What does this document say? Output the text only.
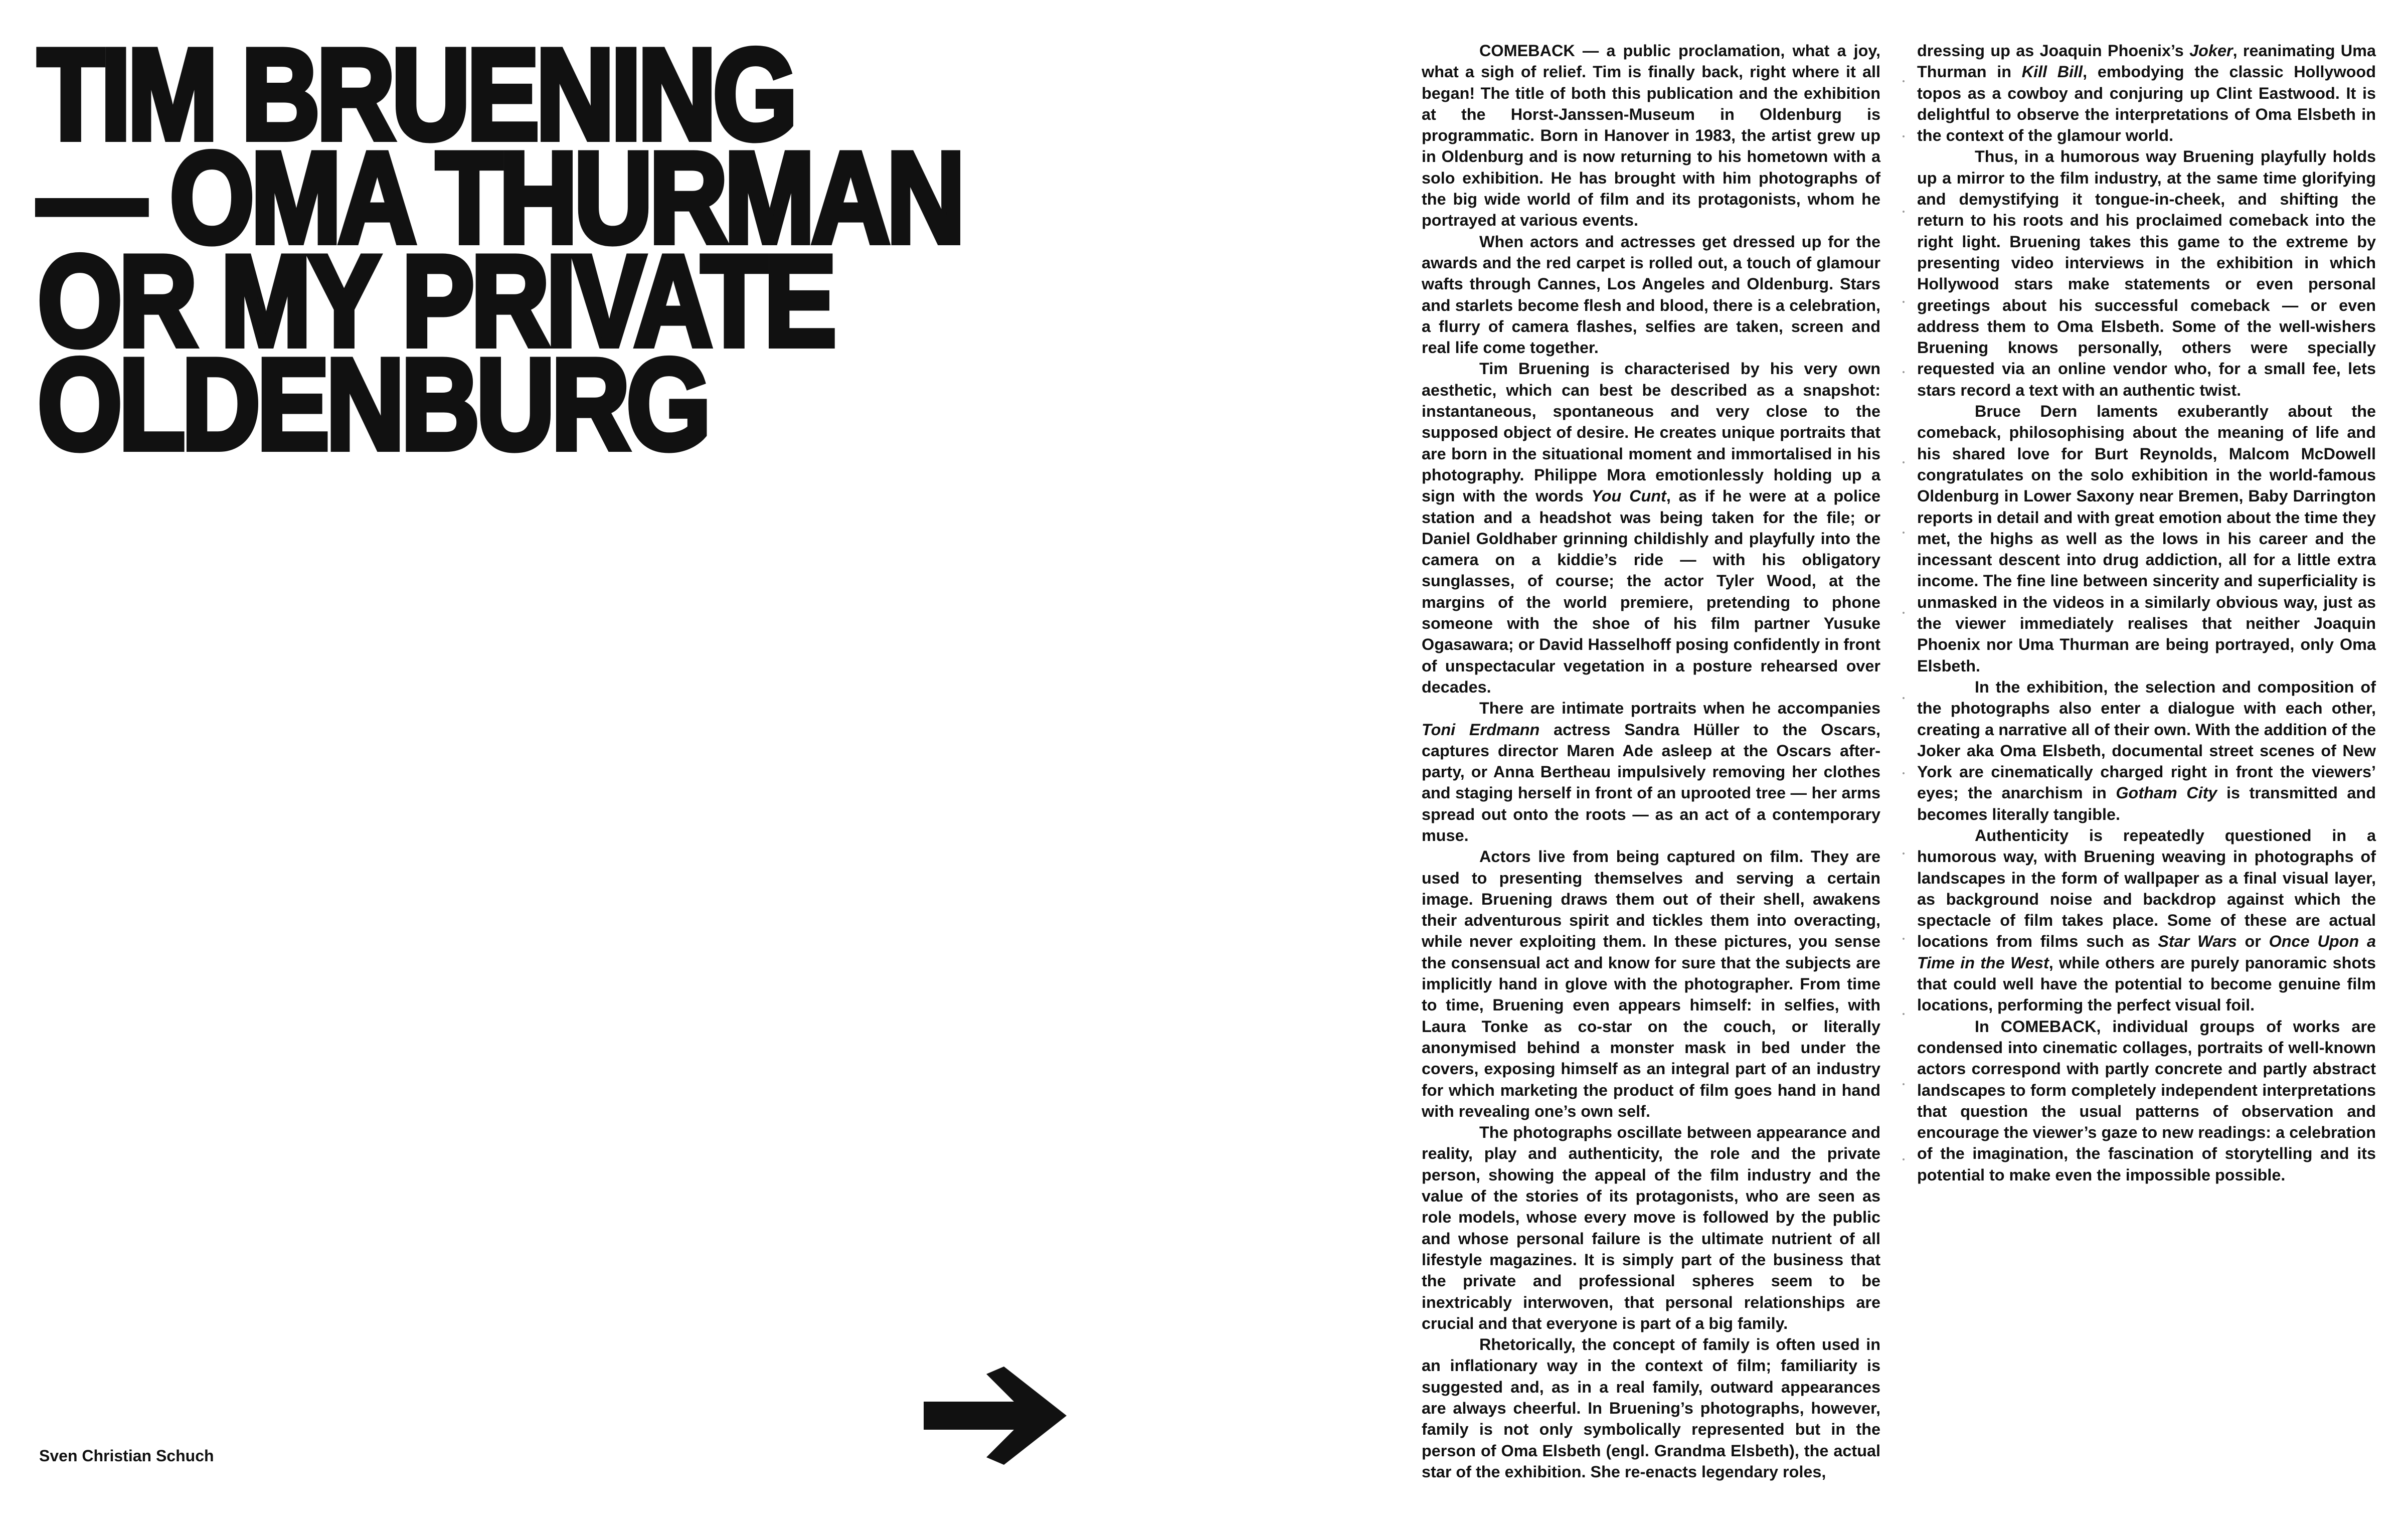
TIM BRUENING
— OMA THURMAN
OR MY PRIVATE
OLDENBURG
Sven Christian Schuch

COMEBACK — a public proclamation, what a joy, what a sigh of relief. Tim is finally back, right where it all began! The title of both this publication and the exhibition at the Horst-Janssen-Museum in Oldenburg is programmatic. Born in Hanover in 1983, the artist grew up in Oldenburg and is now returning to his hometown with a solo exhibition. He has brought with him photographs of the big wide world of film and its protagonists, whom he portrayed at various events.

When actors and actresses get dressed up for the awards and the red carpet is rolled out, a touch of glamour wafts through Cannes, Los Angeles and Oldenburg. Stars and starlets become flesh and blood, there is a celebration, a flurry of camera flashes, selfies are taken, screen and real life come together.

Tim Bruening is characterised by his very own aesthetic, which can best be described as a snapshot: instantaneous, spontaneous and very close to the supposed object of desire. He creates unique portraits that are born in the situational moment and immortalised in his photography. Philippe Mora emotionlessly holding up a sign with the words You Cunt, as if he were at a police station and a headshot was being taken for the file; or Daniel Goldhaber grinning childishly and playfully into the camera on a kiddie’s ride — with his obligatory sunglasses, of course; the actor Tyler Wood, at the margins of the world premiere, pretending to phone someone with the shoe of his film partner Yusuke Ogasawara; or David Hasselhoff posing confidently in front of unspectacular vegetation in a posture rehearsed over decades.

There are intimate portraits when he accompanies Toni Erdmann actress Sandra Hüller to the Oscars, captures director Maren Ade asleep at the Oscars after-party, or Anna Bertheau impulsively removing her clothes and staging herself in front of an uprooted tree — her arms spread out onto the roots — as an act of a contemporary muse.

Actors live from being captured on film. They are used to presenting themselves and serving a certain image. Bruening draws them out of their shell, awakens their adventurous spirit and tickles them into overacting, while never exploiting them. In these pictures, you sense the consensual act and know for sure that the subjects are implicitly hand in glove with the photographer. From time to time, Bruening even appears himself: in selfies, with Laura Tonke as co-star on the couch, or literally anonymised behind a monster mask in bed under the covers, exposing himself as an integral part of an industry for which marketing the product of film goes hand in hand with revealing one’s own self.

The photographs oscillate between appearance and reality, play and authenticity, the role and the private person, showing the appeal of the film industry and the value of the stories of its protagonists, who are seen as role models, whose every move is followed by the public and whose personal failure is the ultimate nutrient of all lifestyle magazines. It is simply part of the business that the private and professional spheres seem to be inextricably interwoven, that personal relationships are crucial and that everyone is part of a big family.

Rhetorically, the concept of family is often used in an inflationary way in the context of film; familiarity is suggested and, as in a real family, outward appearances are always cheerful. In Bruening’s photographs, however, family is not only symbolically represented but in the person of Oma Elsbeth (engl. Grandma Elsbeth), the actual star of the exhibition. She re-enacts legendary roles,

dressing up as Joaquin Phoenix’s Joker, reanimating Uma Thurman in Kill Bill, embodying the classic Hollywood topos as a cowboy and conjuring up Clint Eastwood. It is delightful to observe the interpretations of Oma Elsbeth in the context of the glamour world.

Thus, in a humorous way Bruening playfully holds up a mirror to the film industry, at the same time glorifying and demystifying it tongue-in-cheek, and shifting the return to his roots and his proclaimed comeback into the right light. Bruening takes this game to the extreme by presenting video interviews in the exhibition in which Hollywood stars make statements or even personal greetings about his successful comeback — or even address them to Oma Elsbeth. Some of the well-wishers Bruening knows personally, others were specially requested via an online vendor who, for a small fee, lets stars record a text with an authentic twist.

Bruce Dern laments exuberantly about the comeback, philosophising about the meaning of life and his shared love for Burt Reynolds, Malcom McDowell congratulates on the solo exhibition in the world-famous Oldenburg in Lower Saxony near Bremen, Baby Darrington reports in detail and with great emotion about the time they met, the highs as well as the lows in his career and the incessant descent into drug addiction, all for a little extra income. The fine line between sincerity and superficiality is unmasked in the videos in a similarly obvious way, just as the viewer immediately realises that neither Joaquin Phoenix nor Uma Thurman are being portrayed, only Oma Elsbeth.

In the exhibition, the selection and composition of the photographs also enter a dialogue with each other, creating a narrative all of their own. With the addition of the Joker aka Oma Elsbeth, documental street scenes of New York are cinematically charged right in front the viewers’ eyes; the anarchism in Gotham City is transmitted and becomes literally tangible.

Authenticity is repeatedly questioned in a humorous way, with Bruening weaving in photographs of landscapes in the form of wallpaper as a final visual layer, as background noise and backdrop against which the spectacle of film takes place. Some of these are actual locations from films such as Star Wars or Once Upon a Time in the West, while others are purely panoramic shots that could well have the potential to become genuine film locations, performing the perfect visual foil.

In COMEBACK, individual groups of works are condensed into cinematic collages, portraits of well-known actors correspond with partly concrete and partly abstract landscapes to form completely independent interpretations that question the usual patterns of observation and encourage the viewer’s gaze to new readings: a celebration of the imagination, the fascination of storytelling and its potential to make even the impossible possible.
